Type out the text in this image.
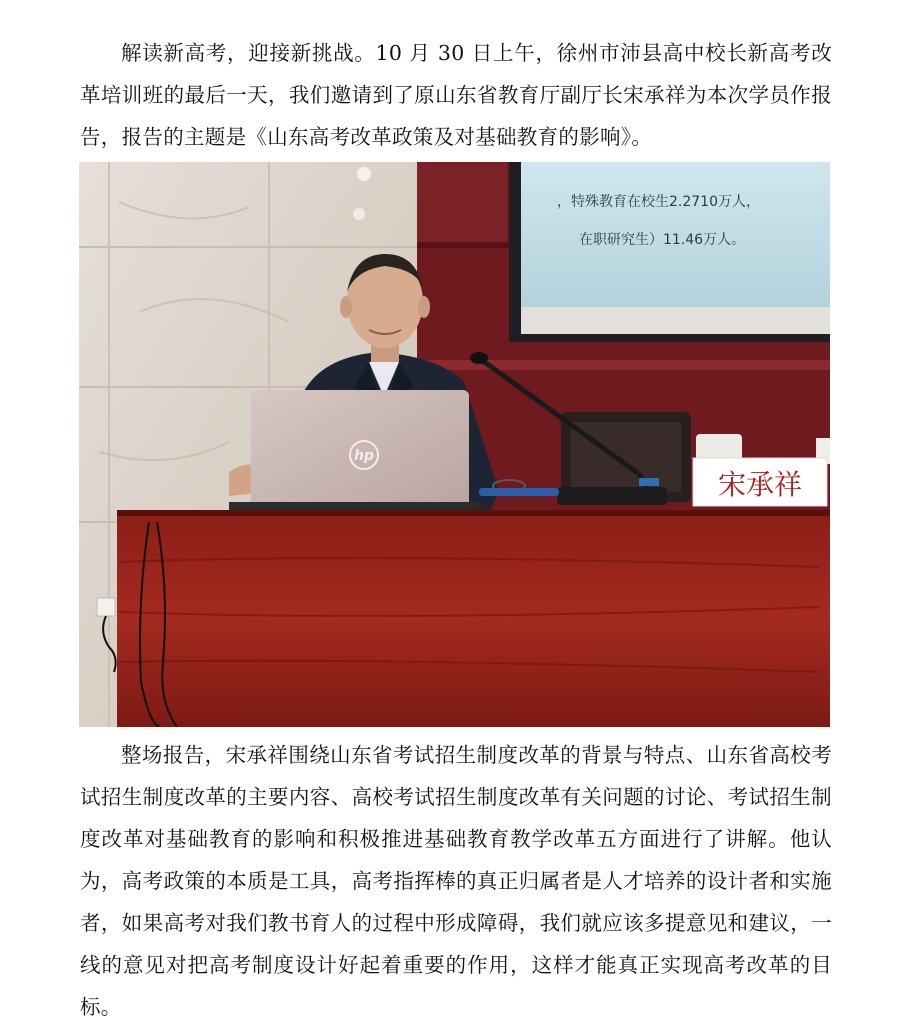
解读新高考，迎接新挑战。10 月 30 日上午，徐州市沛县高中校长新高考改革培训班的最后一天，我们邀请到了原山东省教育厅副厅长宋承祥为本次学员作报告，报告的主题是《山东高考改革政策及对基础教育的影响》。

，特殊教育在校生2.2710万人，
在职研究生）11.46万人。
hp
宋承祥

整场报告，宋承祥围绕山东省考试招生制度改革的背景与特点、山东省高校考试招生制度改革的主要内容、高校考试招生制度改革有关问题的讨论、考试招生制度改革对基础教育的影响和积极推进基础教育教学改革五方面进行了讲解。他认为，高考政策的本质是工具，高考指挥棒的真正归属者是人才培养的设计者和实施者，如果高考对我们教书育人的过程中形成障碍，我们就应该多提意见和建议，一线的意见对把高考制度设计好起着重要的作用，这样才能真正实现高考改革的目标。
